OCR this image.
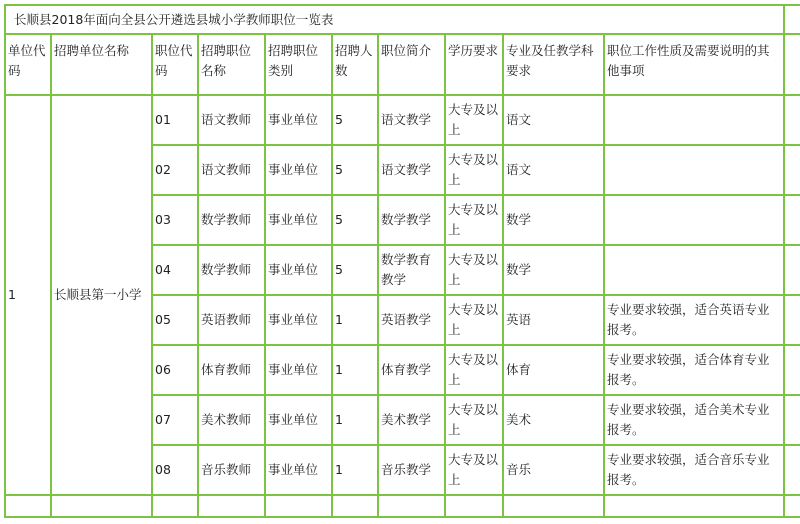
长顺县2018年面向全县公开遴选县城小学教师职位一览表										
单位代码	招聘单位名称	职位代码	招聘职位名称	招聘职位类别	招聘人数	职位简介	学历要求	专业及任教学科要求	职位工作性质及需要说明的其他事项	
1	长顺县第一小学	01	语文教师	事业单位	5	语文教学	大专及以上	语文		
		02	语文教师	事业单位	5	语文教学	大专及以上	语文		
		03	数学教师	事业单位	5	数学教学	大专及以上	数学		
		04	数学教师	事业单位	5	数学教育教学	大专及以上	数学		
		05	英语教师	事业单位	1	英语教学	大专及以上	英语	专业要求较强，适合英语专业报考。	
		06	体育教师	事业单位	1	体育教学	大专及以上	体育	专业要求较强，适合体育专业报考。	
		07	美术教师	事业单位	1	美术教学	大专及以上	美术	专业要求较强，适合美术专业报考。	
		08	音乐教师	事业单位	1	音乐教学	大专及以上	音乐	专业要求较强，适合音乐专业报考。	
